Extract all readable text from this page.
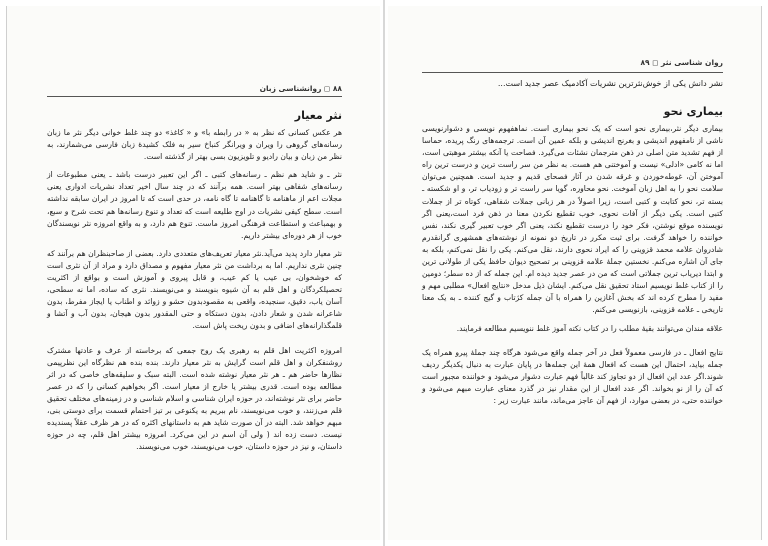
۸۸ ◻ روانشناسی زبان
نثر معیار

هر عکس کسانی که نظر به « در رابطه با» و « کاغذ» دو چند غلط خوانی دیگر نثر ما زبان رسانه‌های گروهی را ویران و ویرانگر کنباخ سیر به فلک کشیدهٔ زبان فارسی می‌شمارند، به نظر من زبان و بیان رادیو و تلویزیون بسی بهتر از گذشته است.

نثر ـ و شاید هم نظم ـ رسانه‌های کتبی ـ اگر این تعبیر درست باشد ـ یعنی مطبوعات از رسانه‌های شفاهی بهتر است. همه برآنند که در چند سال اخیر تعداد نشریات ادواری یعنی مجلات اعم از ماهنامه تا گاهنامه تا گاه نامه، در حدی است که تا امروز در ایران سابقه نداشته است. سطح کیفی نشریات در اوج طلیعه است که تعداد و تنوع رسانه‌ها هم تحت شرح و سبع، و بهمباعث و استطاعت فرهنگی امروز ماست. تنوع هم دارد، و به واقع امروزه نثر نویسندگان خوب از هر دوره‌ای بیشتر داریم.

نثر معیار دارد پدید می‌آید.نثر معیار تعریف‌های متعددی دارد. بعضی از صاحبنظران هم برآنند که چنین نثری نداریم. اما به برداشت من نثر معیار مفهوم و مصداق دارد و مراد از آن نثری است که خوشخوان، بی عیب یا کم عیب، و قابل پیروی و آموزش است و بواقع از اکثریت تحصیلکردگان و اهل قلم به آن شیوه بنویسند و می‌نویسند. نثری که ساده، اما نه سطحی، آسان یاب، دقیق، سنجیده، واقعی به مقصودبدون حشو و زوائد و اطناب یا ایجاز مفرط، بدون شاعرانه شدن و شعار دادن، بدون دستکاه و حتی المقدور بدون هیجان، بدون آب و آتشا و قلمگذارانه‌های اضافی و بدون ریخت پاش است.

امروزه اکثریت اهل قلم به رهبری یک روح جمعی که برخاسته از عرف و عادتها مشترک روشنفکران و اهل قلم است گرایش به نثر معیار دارند. بنده بنده هم نظرگاه این نظرپیمی نظارها حاضر هم ـ هر نثر معیار نوشته شده است. البته سبک و سلیقه‌های خاصی که در اثر مطالعه بوده است. قدری بیشتر یا خارج از معیار است. اگر بخواهیم کسانی را که در عصر حاضر برای نثر نوشته‌اند، در حوزه ایران شناسی و اسلام شناسی و در زمینه‌های مختلف تحقیق قلم می‌زنند، و خوب می‌نویسند، نام ببریم به یکنوعی بر تیز احتمام قسمت برای دوستی بنی، مبهم خواهد شد. البته در آن صورت شاید هم به داستانهای اکثره که در هر ظرف عقلاً پسندیده نیست. دست زده اند ( ولی آن اسم در این می‌کرد. امروزه بیشتر اهل قلم، چه در حوزه داستان، و نیز در حوزه داستان، خوب می‌نویسند، خوب می‌نویسند.

روان شناسی نثر ◻ ۸۹

نشر دانش یکی از خوش‌نثرترین نشریات آکادمیک عصر جدید است...

بیماری نحو

بیماری دیگر نثر،بیماری نحو است که یک نحو بیماری است. نماهفهوم نویسی و دشوارنویسی ناشی از نامفهوم اندیشی و بغرنج اندیشی و بلکه عمین آن است. ترجمه‌های رنگ پریده، حماسا از فهم تشدید متن اصلی در ذهن مترجمان نشئات می‌گیرد. فصاحت یا آنکه بیشتر موهبتی است، اما نه کامی «ادلی» نیست و آموختنی هم هست. به نظر من سر راست ترین و درست ترین راه آموختن آن، غوطه‌خوردن و غرقه شدن در آثار فصحای قدیم و جدید است. همچنین می‌توان سلامت نحو را به اهل زبان آموخت. نحو محاوره، گویا سر راست تر و زودیاب تر، و او شکسته ـ بسته تر، نحو کتابت و کتبی است، زیرا اصولاً در هر زبانی جملات شفاهی، کوتاه تر از جملات کتبی است. یکی دیگر از آفات نحوی، خوب تقطیع نکردن معنا در ذهن فرد است،یعنی اگر نویسنده موقع نوشتن، فکر خود را درست تقطیع نکند، یعنی اگر خوب تعبیر گیری نکند، نفس خواننده را خواهد گرفت. برای ثبت مکرر در تاریخ دو نمونه از نوشته‌های همشهری گرانقدرم شادروان علامه محمد قزوینی را که ایراد نحوی دارند، نقل می‌کنم. یکی را نقل نمی‌کنم، بلکه به جای آن اشاره می‌کنم. نخستین جملهٔ علامه قزوینی بر تصحیح دیوان حافظ یکی از طولانی ترین و ابتدا دیریاب ترین جملاتی است که من در عصر جدید دیده ام. این جمله که از ده سطر؛ دومین را از کتاب غلط نویسیم استاد تحقیق نقل می‌کنم. ایشان ذیل مدخل «نتایج افعال» مطلبی مهم و مفید را مطرح کرده اند که بخش آغازین را همراه با آن جمله کژتاب و گیج کننده ـ به یک معنا تاریخی ـ علامه قزوینی، بازنویسی می‌کنم.

علاقه مندان می‌توانند بقیهٔ مطلب را در کتاب نکته آموز غلط ننویسیم مطالعه فرمایند.

نتایج افعال ـ در فارسی معمولاً فعل در آخر جمله واقع می‌شود هرگاه چند جملهٔ پیرو همراه یک جمله بیاید، احتمال این هست که افعال همهٔ این جمله‌ها در پایان عبارت به دنبال یکدیگر ردیف شوند.اگر عدد این افعال از دو تجاوز کند غالباً فهم عبارت دشوار می‌شود و خواننده مجبور است که آن را از نو بخواند. اگر عدد افعال از این مقدار نیز در گذرد معنای عبارت مبهم می‌شود و خواننده حتی، در بعضی موارد، از فهم آن عاجز می‌ماند، مانند عبارت زیر :
